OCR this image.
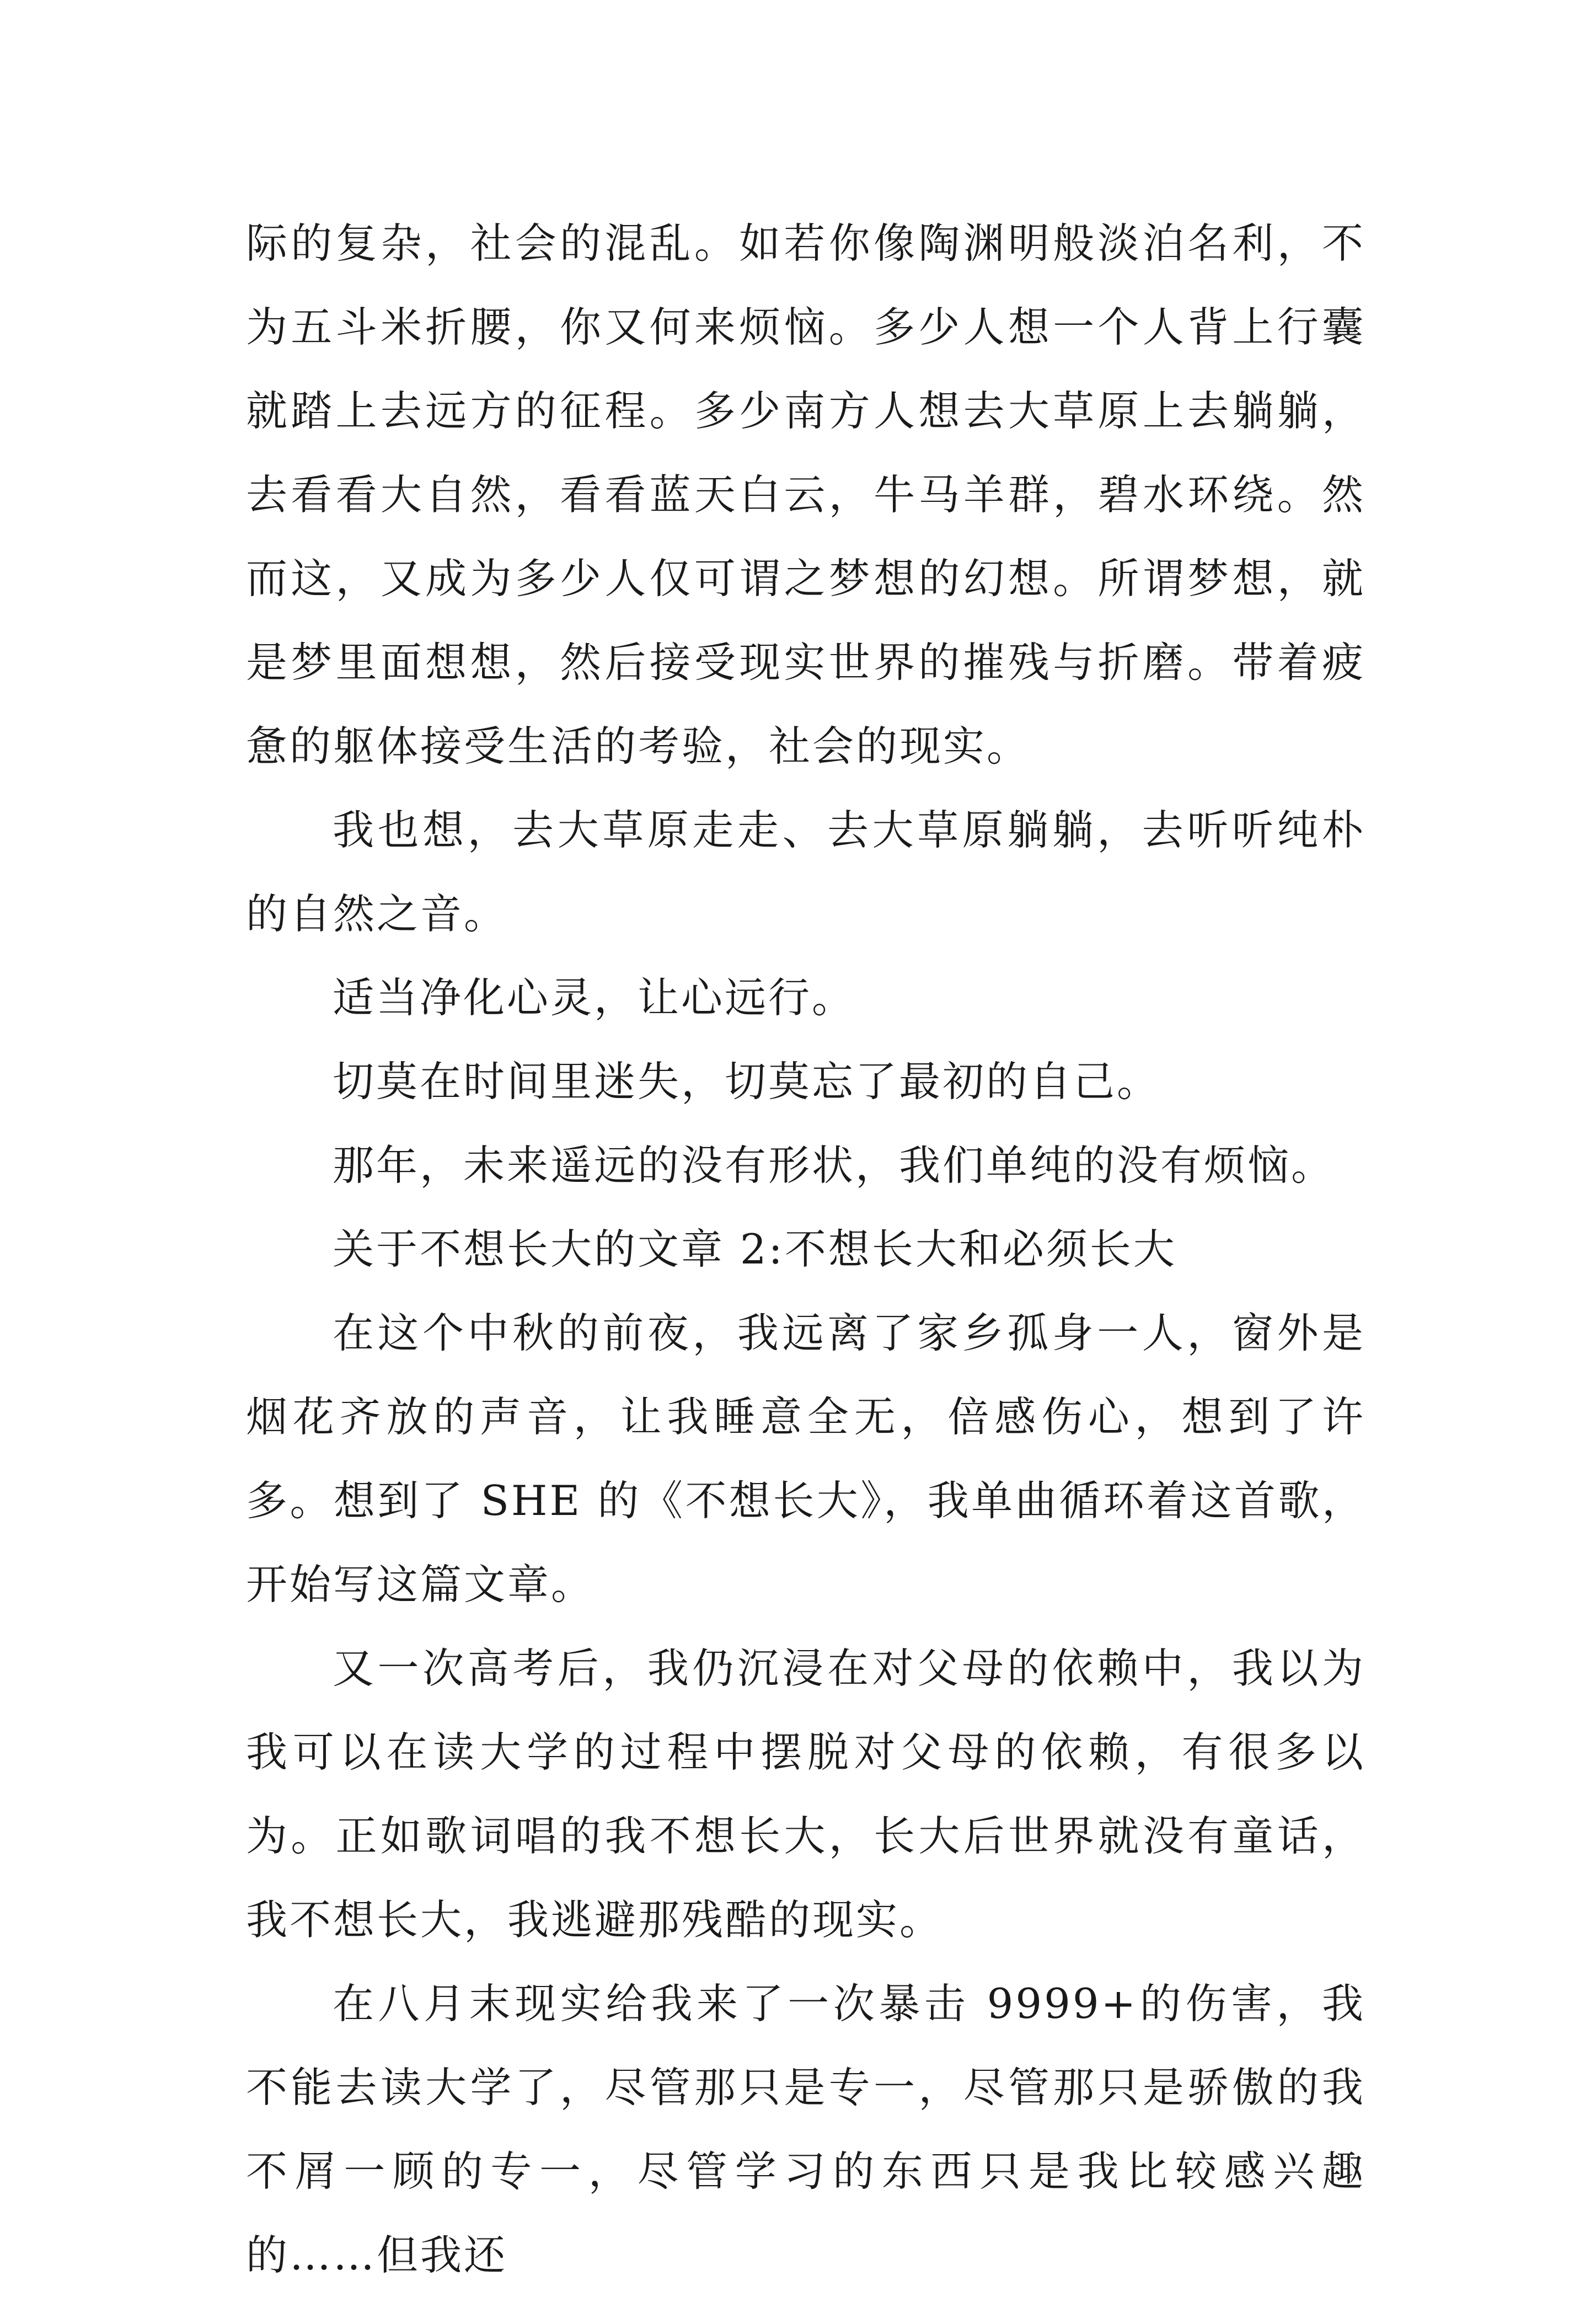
际的复杂，社会的混乱。如若你像陶渊明般淡泊名利，不为五斗米折腰，你又何来烦恼。多少人想一个人背上行囊就踏上去远方的征程。多少南方人想去大草原上去躺躺，去看看大自然，看看蓝天白云，牛马羊群，碧水环绕。然而这，又成为多少人仅可谓之梦想的幻想。所谓梦想，就是梦里面想想，然后接受现实世界的摧残与折磨。带着疲惫的躯体接受生活的考验，社会的现实。

我也想，去大草原走走、去大草原躺躺，去听听纯朴的自然之音。

适当净化心灵，让心远行。

切莫在时间里迷失，切莫忘了最初的自己。

那年，未来遥远的没有形状，我们单纯的没有烦恼。

关于不想长大的文章 2:不想长大和必须长大

在这个中秋的前夜，我远离了家乡孤身一人，窗外是烟花齐放的声音，让我睡意全无，倍感伤心，想到了许多。想到了 SHE 的《不想长大》，我单曲循环着这首歌，开始写这篇文章。

又一次高考后，我仍沉浸在对父母的依赖中，我以为我可以在读大学的过程中摆脱对父母的依赖，有很多以为。正如歌词唱的我不想长大，长大后世界就没有童话，我不想长大，我逃避那残酷的现实。

在八月末现实给我来了一次暴击 9999+的伤害，我不能去读大学了，尽管那只是专一，尽管那只是骄傲的我不屑一顾的专一，尽管学习的东西只是我比较感兴趣的……但我还
